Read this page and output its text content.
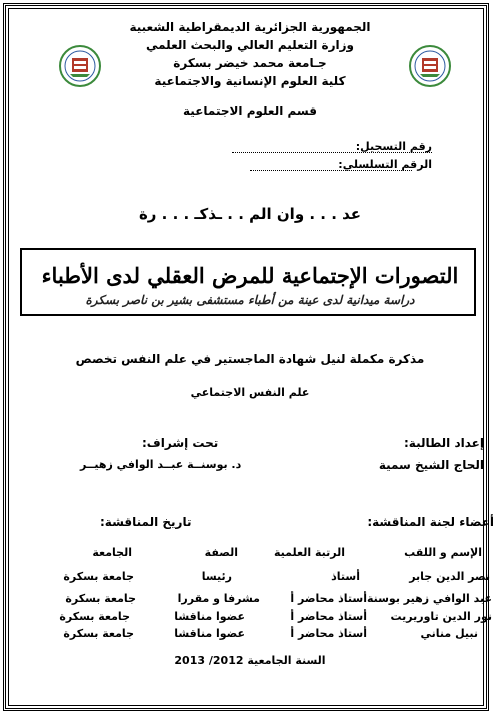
الجمهورية الجزائرية الديمقراطية الشعبية
وزارة التعليم العالي والبحث العلمي
جـامعة محمد خيضر بسكرة
كلية العلوم الإنسانية والاجتماعية
قسم العلوم الاجتماعية
رقم التسجيل:
الرقم التسلسلي:
عد . . . وان الم . . ـذكـ . . . رة
التصورات الإجتماعية للمرض العقلي لدى الأطباء
دراسة ميدانية لدى عينة من أطباء مستشفى بشير بن ناصر بسكرة
مذكرة مكملة لنيل شهادة الماجستير في علم النفس تخصص
علم النفس الاجتماعي
إعداد الطالبة:
الحاج الشيخ سمية
تحت إشراف:
د. بوسنــة عبــد الوافي زهيــر
أعضاء لجنة المناقشة:
تاريخ المناقشة:
الإسم و اللقب
الرتبة العلمية
الصفة
الجامعة
نصر الدين جابر
أستاذ
رئيسا
جامعة بسكرة
عبد الوافي زهير بوسنة
أستاذ محاضر أ
مشرفا و مقررا
جامعة بسكرة
نور الدين تاوريريت
أستاذ محاضر أ
عضوا مناقشا
جامعة بسكرة
نبيل مناني
أستاذ محاضر أ
عضوا مناقشا
جامعة بسكرة
السنة الجامعية 2012/ 2013
